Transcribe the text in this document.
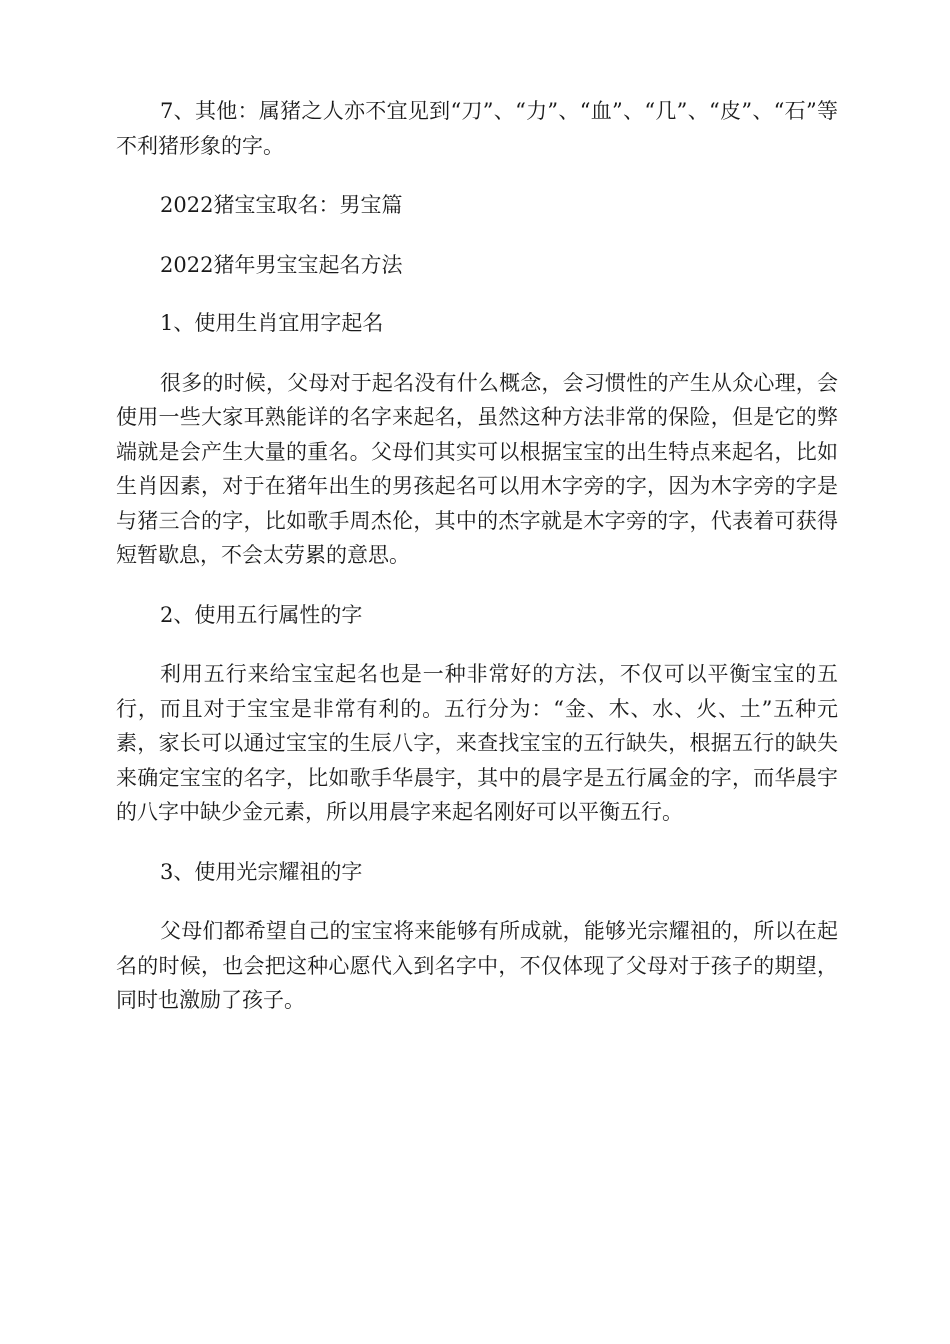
7、其他：属猪之人亦不宜见到“刀”、“力”、“血”、“几”、“皮”、“石”等不利猪形象的字。

2022猪宝宝取名：男宝篇

2022猪年男宝宝起名方法

1、使用生肖宜用字起名

很多的时候，父母对于起名没有什么概念，会习惯性的产生从众心理，会使用一些大家耳熟能详的名字来起名，虽然这种方法非常的保险，但是它的弊端就是会产生大量的重名。父母们其实可以根据宝宝的出生特点来起名，比如生肖因素，对于在猪年出生的男孩起名可以用木字旁的字，因为木字旁的字是与猪三合的字，比如歌手周杰伦，其中的杰字就是木字旁的字，代表着可获得短暂歇息，不会太劳累的意思。

2、使用五行属性的字

利用五行来给宝宝起名也是一种非常好的方法，不仅可以平衡宝宝的五行，而且对于宝宝是非常有利的。五行分为：“金、木、水、火、土”五种元素，家长可以通过宝宝的生辰八字，来查找宝宝的五行缺失，根据五行的缺失来确定宝宝的名字，比如歌手华晨宇，其中的晨字是五行属金的字，而华晨宇的八字中缺少金元素，所以用晨字来起名刚好可以平衡五行。

3、使用光宗耀祖的字

父母们都希望自己的宝宝将来能够有所成就，能够光宗耀祖的，所以在起名的时候，也会把这种心愿代入到名字中，不仅体现了父母对于孩子的期望，同时也激励了孩子。
